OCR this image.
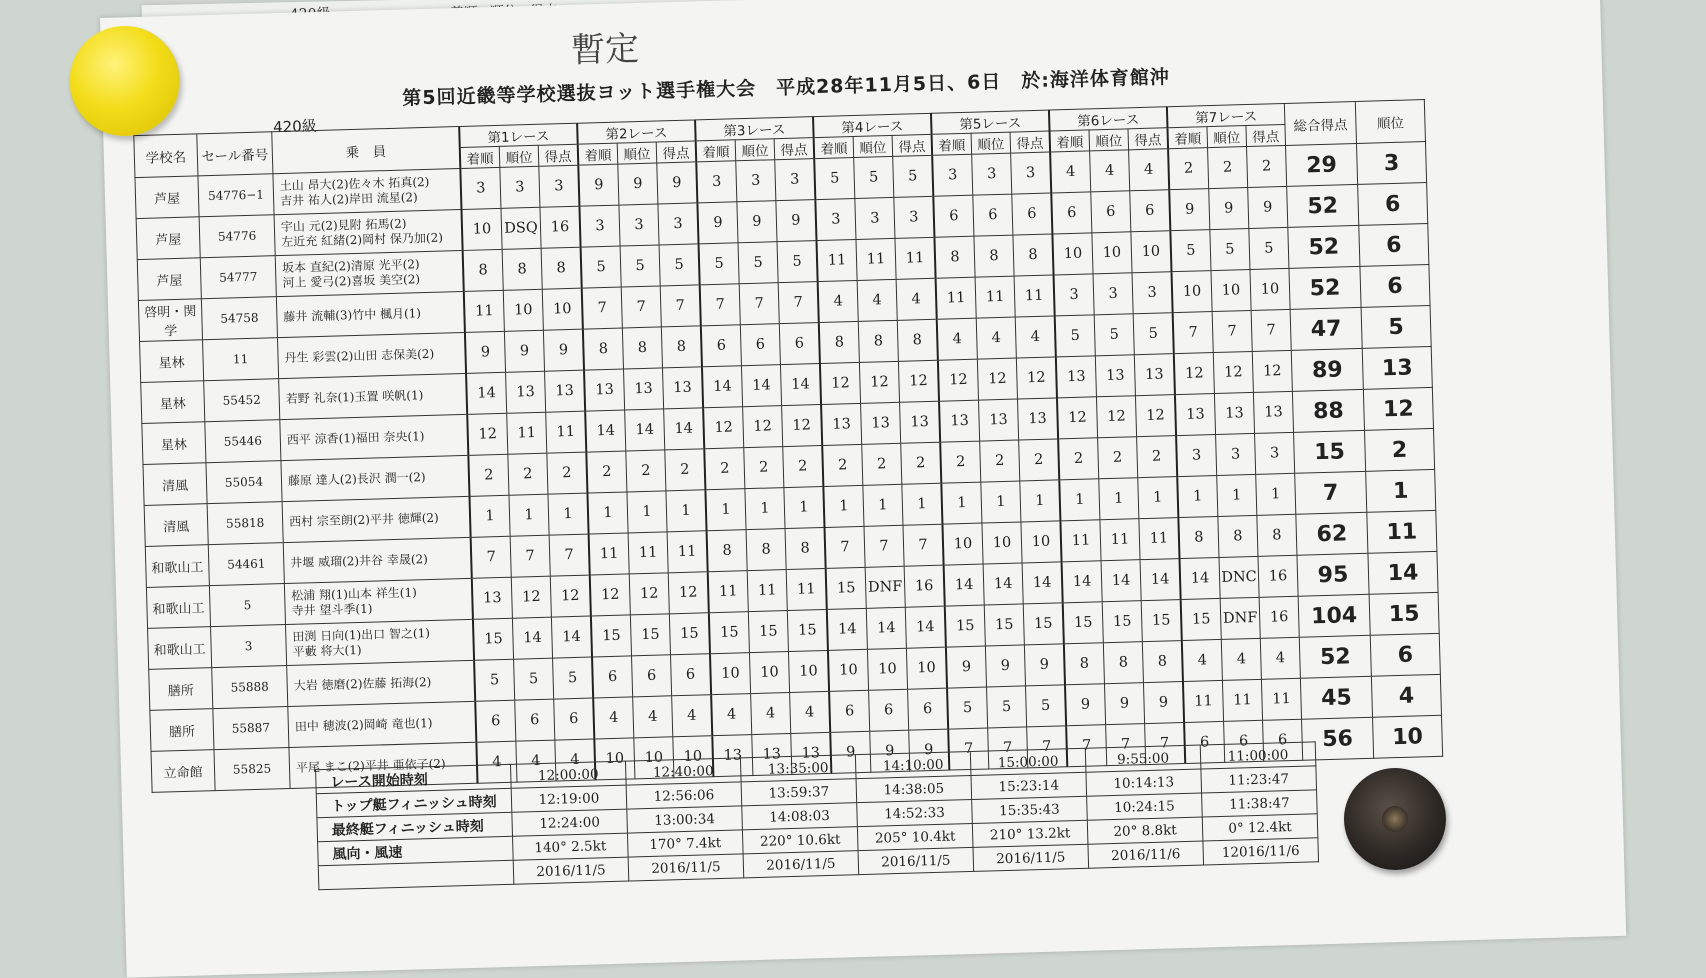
暫定
第5回近畿等学校選抜ヨット選手権大会　平成28年11月5日、6日　於:海洋体育館沖
420級
学校名	セール番号	乗　員	第1レース			第2レース			第3レース			第4レース			第5レース			第6レース			第7レース			総合得点	順位
			着順	順位	得点	着順	順位	得点	着順	順位	得点	着順	順位	得点	着順	順位	得点	着順	順位	得点	着順	順位	得点		
芦屋	54776−1	土山 昂大(2)佐々木 拓真(2)
吉井 祐人(2)岸田 流星(2)	3	3	3	9	9	9	3	3	3	5	5	5	3	3	3	4	4	4	2	2	2	29	3
芦屋	54776	宇山 元(2)見附 拓馬(2)
左近充 紅緒(2)岡村 保乃加(2)	10	DSQ	16	3	3	3	9	9	9	3	3	3	6	6	6	6	6	6	9	9	9	52	6
芦屋	54777	坂本 直紀(2)清原 光平(2)
河上 愛弓(2)喜坂 美空(2)	8	8	8	5	5	5	5	5	5	11	11	11	8	8	8	10	10	10	5	5	5	52	6
啓明・関学	54758	藤井 流輔(3)竹中 楓月(1)	11	10	10	7	7	7	7	7	7	4	4	4	11	11	11	3	3	3	10	10	10	52	6
星林	11	丹生 彩雲(2)山田 志保美(2)	9	9	9	8	8	8	6	6	6	8	8	8	4	4	4	5	5	5	7	7	7	47	5
星林	55452	若野 礼奈(1)玉置 咲帆(1)	14	13	13	13	13	13	14	14	14	12	12	12	12	12	12	13	13	13	12	12	12	89	13
星林	55446	西平 涼香(1)福田 奈央(1)	12	11	11	14	14	14	12	12	12	13	13	13	13	13	13	12	12	12	13	13	13	88	12
清風	55054	藤原 達人(2)長沢 潤一(2)	2	2	2	2	2	2	2	2	2	2	2	2	2	2	2	2	2	2	3	3	3	15	2
清風	55818	西村 宗至朗(2)平井 徳輝(2)	1	1	1	1	1	1	1	1	1	1	1	1	1	1	1	1	1	1	1	1	1	7	1
和歌山工	54461	井堰 威瑠(2)井谷 幸晟(2)	7	7	7	11	11	11	8	8	8	7	7	7	10	10	10	11	11	11	8	8	8	62	11
和歌山工	5	松浦 翔(1)山本 祥生(1)
寺井 望斗季(1)	13	12	12	12	12	12	11	11	11	15	DNF	16	14	14	14	14	14	14	14	DNC	16	95	14
和歌山工	3	田渕 日向(1)出口 智之(1)
平藪 将大(1)	15	14	14	15	15	15	15	15	15	14	14	14	15	15	15	15	15	15	15	DNF	16	104	15
膳所	55888	大岩 徳磨(2)佐藤 拓海(2)	5	5	5	6	6	6	10	10	10	10	10	10	9	9	9	8	8	8	4	4	4	52	6
膳所	55887	田中 穂波(2)岡崎 竜也(1)	6	6	6	4	4	4	4	4	4	6	6	6	5	5	5	9	9	9	11	11	11	45	4
立命館	55825	平尾 まこ(2)平井 亜依子(2)	4	4	4	10	10	10	13	13	13	9	9	9	7	7	7	7	7	7	6	6	6	56	10
レース開始時刻	12:00:00	12:40:00	13:35:00	14:10:00	15:00:00	9:55:00	11:00:00
トップ艇フィニッシュ時刻	12:19:00	12:56:06	13:59:37	14:38:05	15:23:14	10:14:13	11:23:47
最終艇フィニッシュ時刻	12:24:00	13:00:34	14:08:03	14:52:33	15:35:43	10:24:15	11:38:47
風向・風速	140° 2.5kt	170° 7.4kt	220° 10.6kt	205° 10.4kt	210° 13.2kt	20° 8.8kt	0° 12.4kt
	2016/11/5	2016/11/5	2016/11/5	2016/11/5	2016/11/5	2016/11/6	12016/11/6
